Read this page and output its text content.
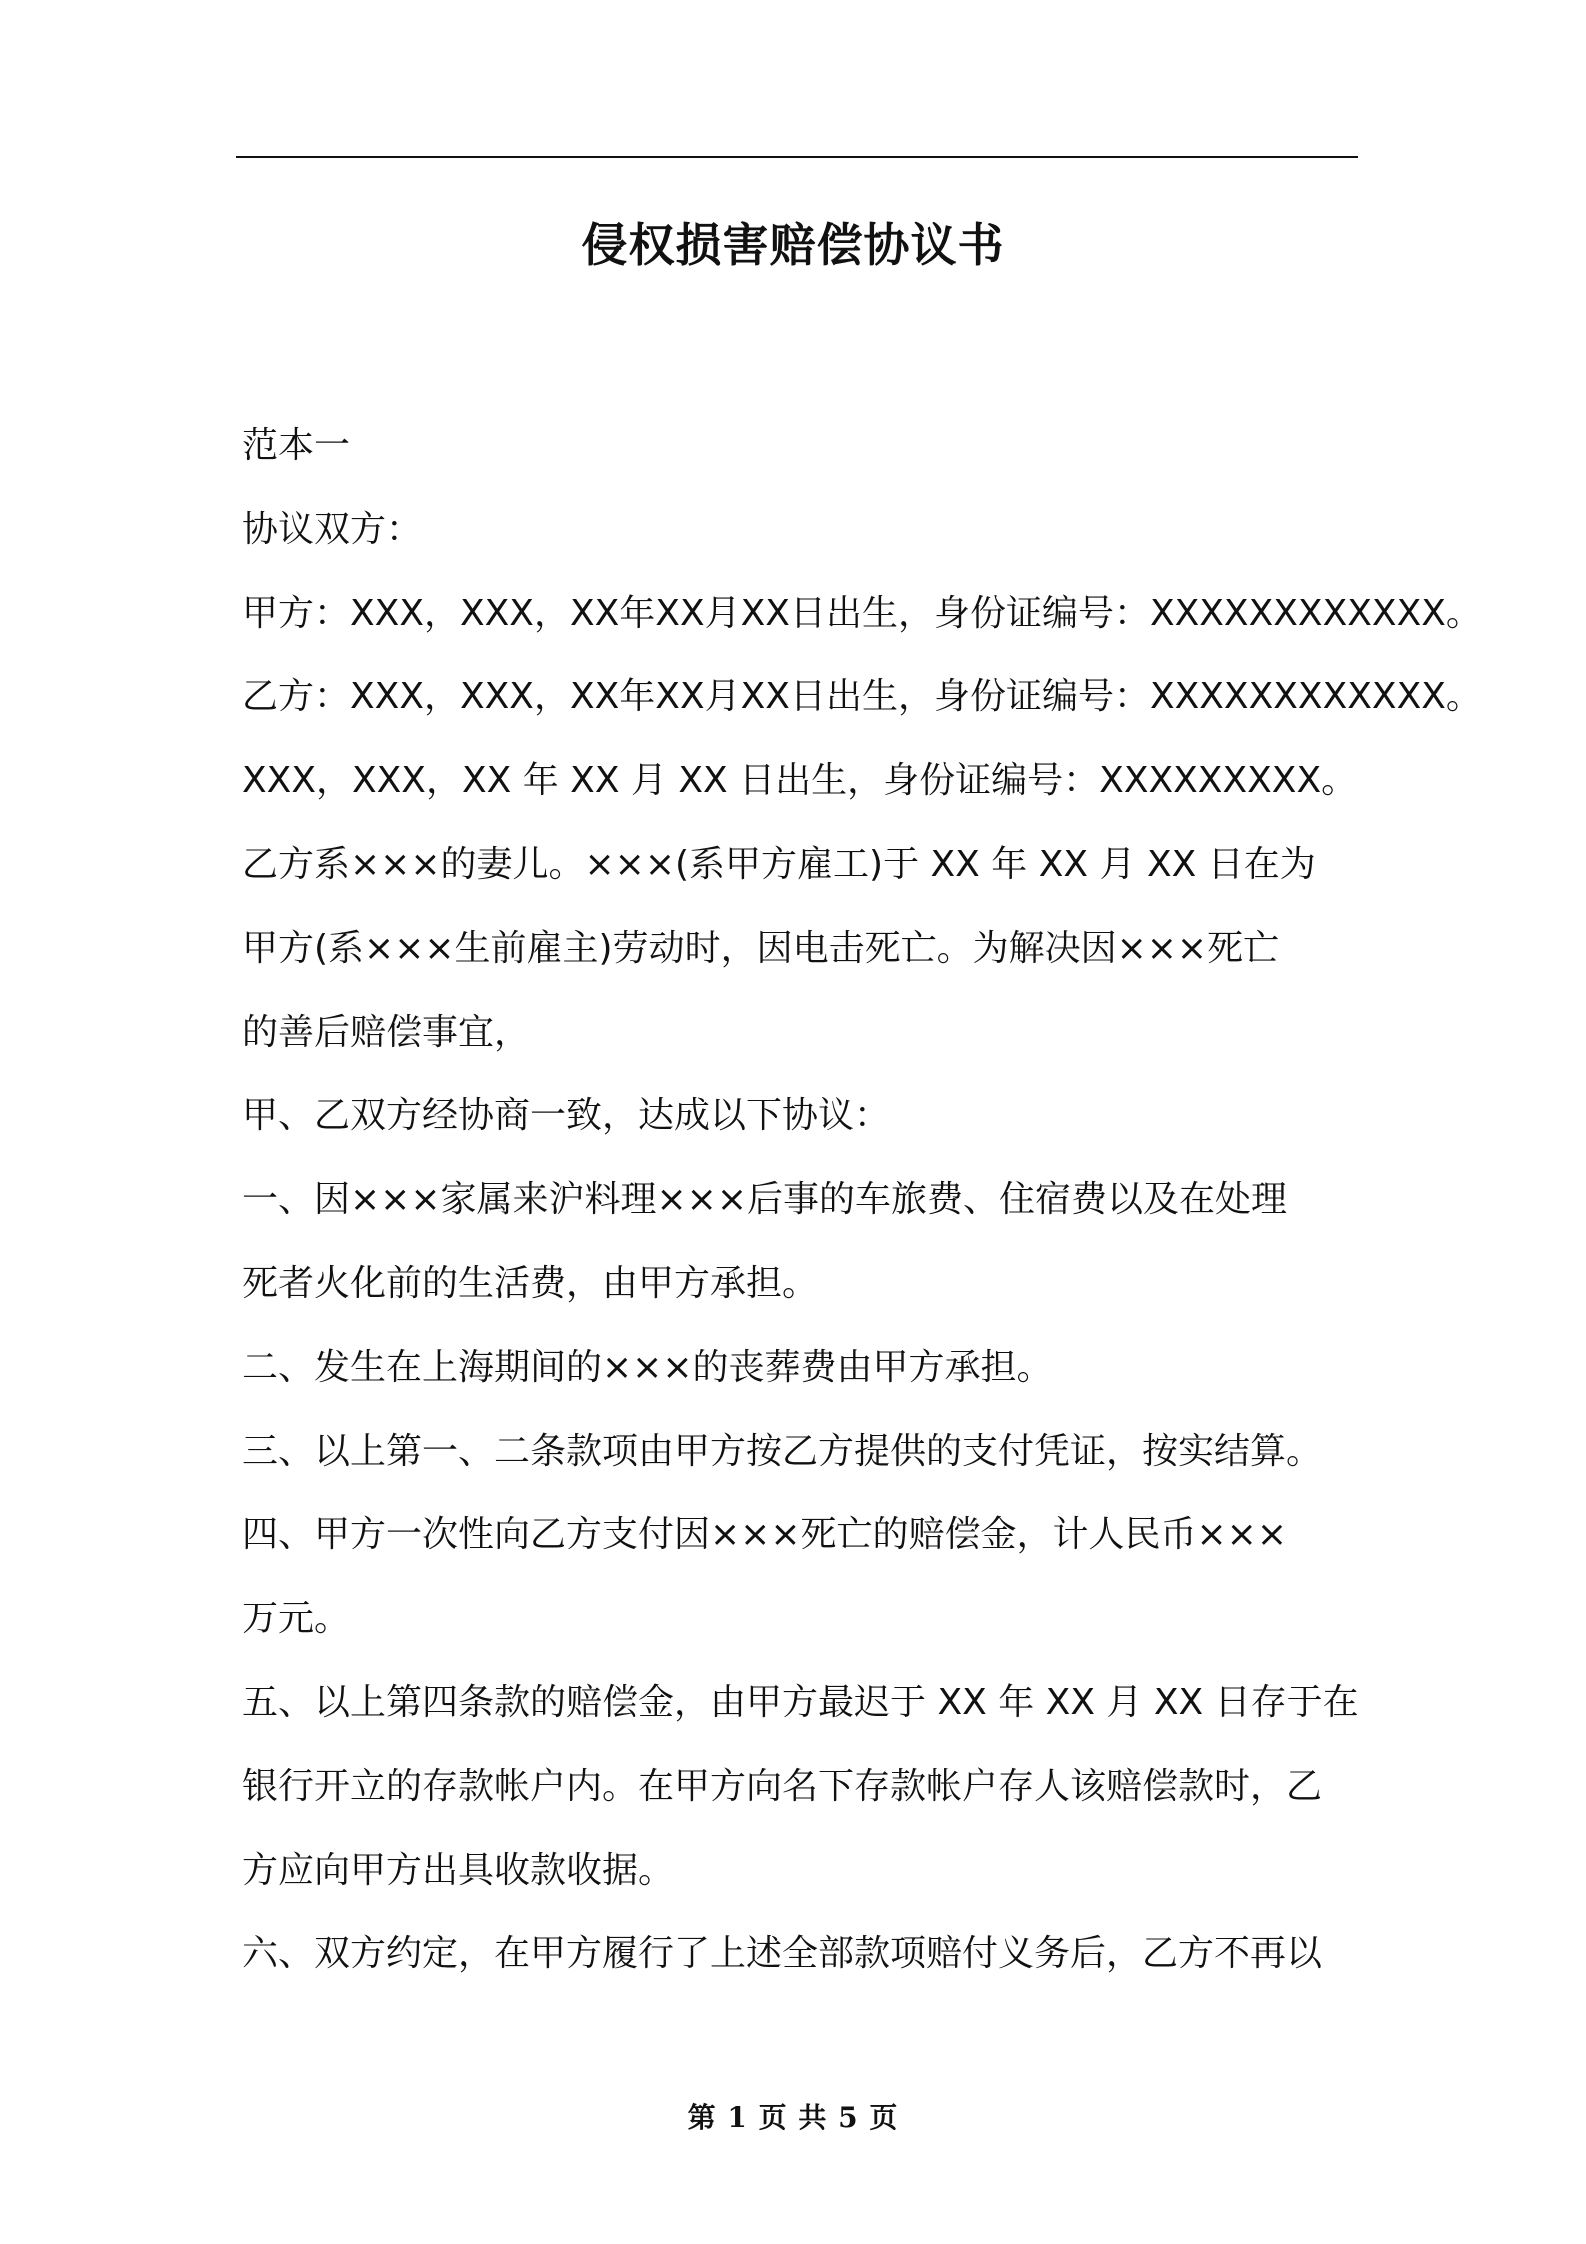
侵权损害赔偿协议书
范本一
协议双方：
甲方：XXX，XXX，XX年XX月XX日出生，身份证编号：XXXXXXXXXXXX。
乙方：XXX，XXX，XX年XX月XX日出生，身份证编号：XXXXXXXXXXXX。
XXX，XXX，XX 年 XX 月 XX 日出生，身份证编号：XXXXXXXXX。
乙方系×××的妻儿。×××(系甲方雇工)于 XX 年 XX 月 XX 日在为
甲方(系×××生前雇主)劳动时，因电击死亡。为解决因×××死亡
的善后赔偿事宜，
甲、乙双方经协商一致，达成以下协议：
一、因×××家属来沪料理×××后事的车旅费、住宿费以及在处理
死者火化前的生活费，由甲方承担。
二、发生在上海期间的×××的丧葬费由甲方承担。
三、以上第一、二条款项由甲方按乙方提供的支付凭证，按实结算。
四、甲方一次性向乙方支付因×××死亡的赔偿金，计人民币×××
万元。
五、以上第四条款的赔偿金，由甲方最迟于 XX 年 XX 月 XX 日存于在
银行开立的存款帐户内。在甲方向名下存款帐户存人该赔偿款时，乙
方应向甲方出具收款收据。
六、双方约定，在甲方履行了上述全部款项赔付义务后，乙方不再以
第 1 页 共 5 页
